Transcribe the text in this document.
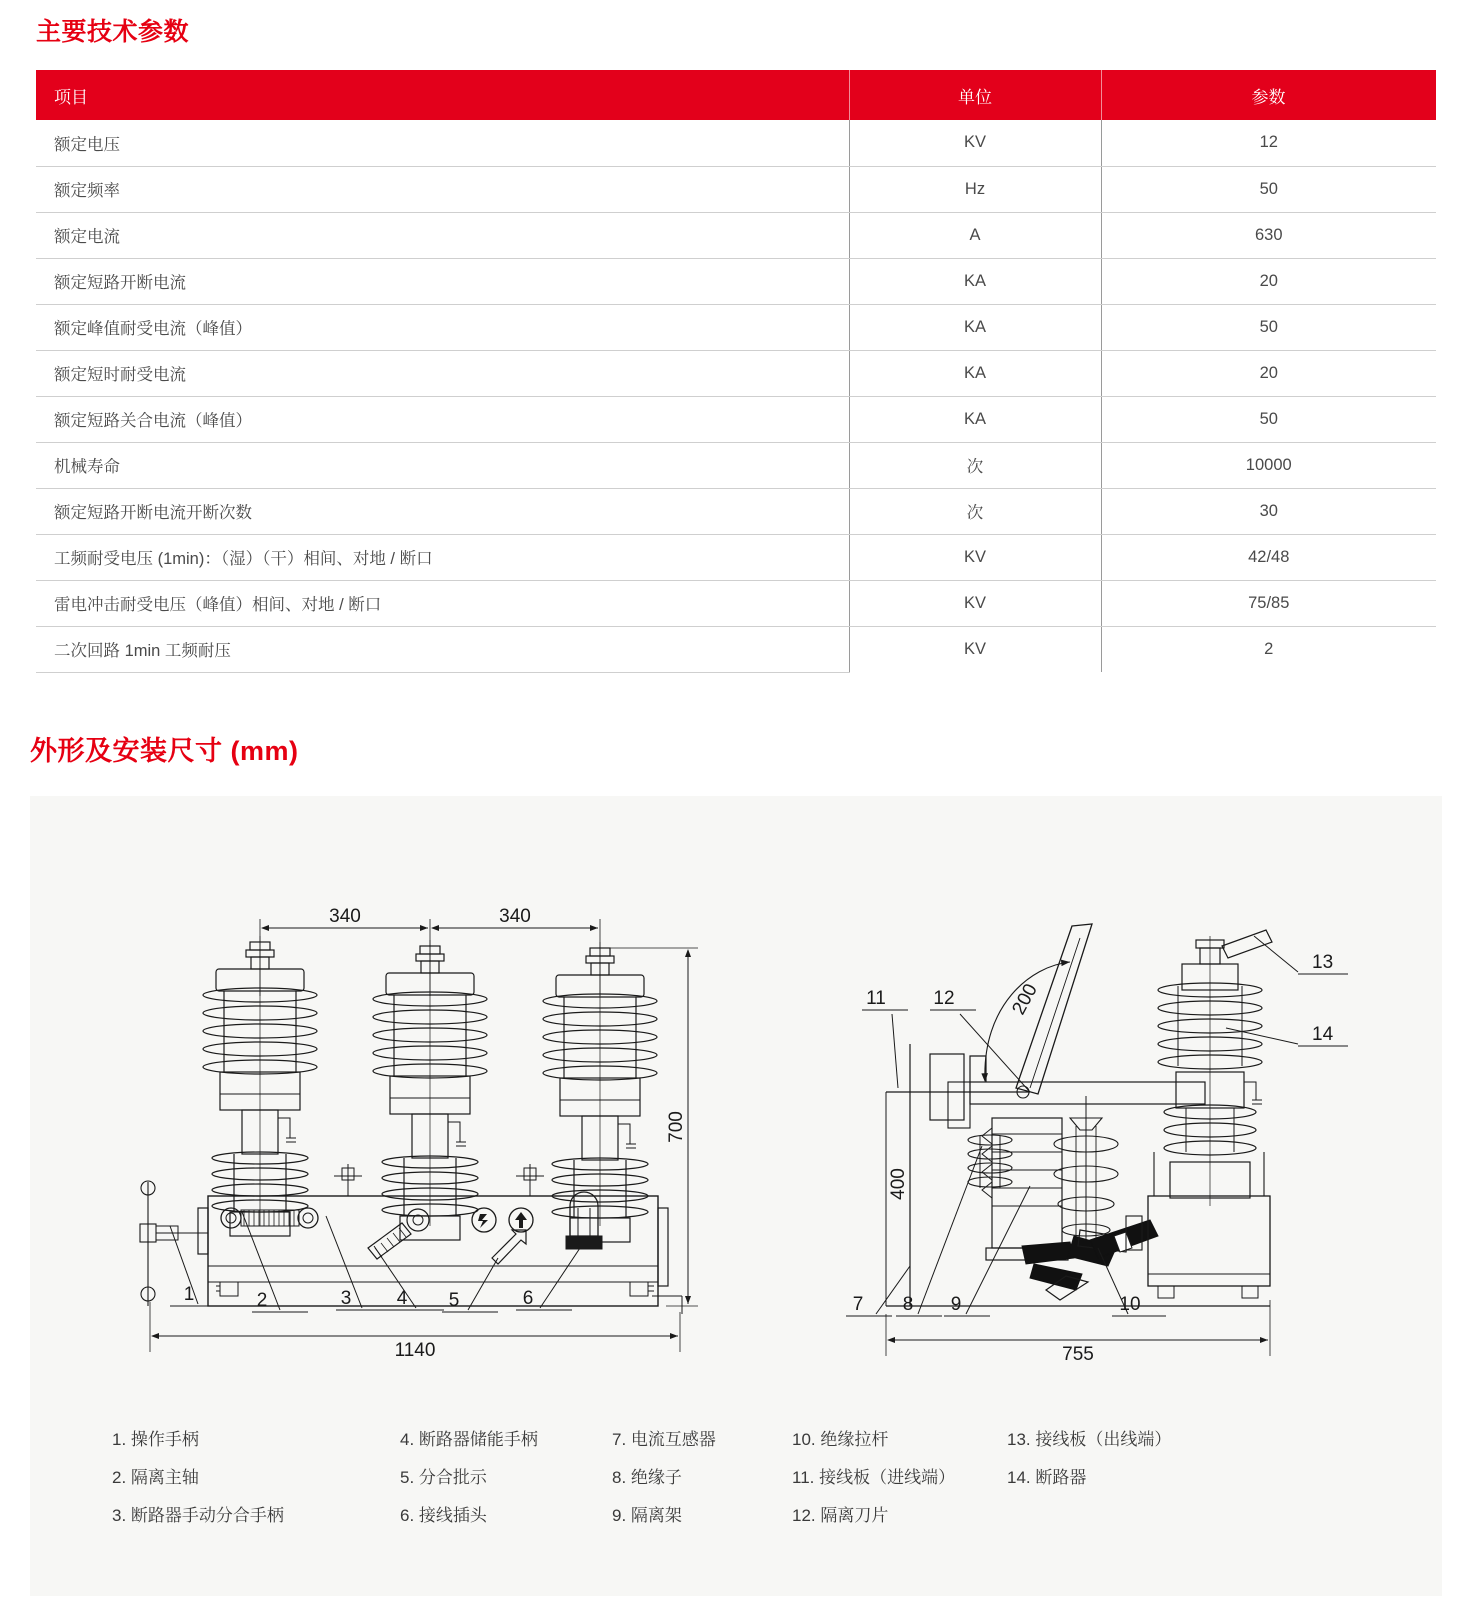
主要技术参数
项目	单位	参数
额定电压	KV	12
额定频率	Hz	50
额定电流	A	630
额定短路开断电流	KA	20
额定峰值耐受电流（峰值）	KA	50
额定短时耐受电流	KA	20
额定短路关合电流（峰值）	KA	50
机械寿命	次	10000
额定短路开断电流开断次数	次	30
工频耐受电压 (1min)：（湿）（干）相间、对地 / 断口	KV	42/48
雷电冲击耐受电压（峰值）相间、对地 / 断口	KV	75/85
二次回路 1min 工频耐压	KV	2
外形及安装尺寸 (mm)
340	340
700
1	2	3 4 5	6
1140
200
400
7 8 9	10
11	12
13
14
755
1. 操作手柄	4. 断路器储能手柄	7. 电流互感器	10. 绝缘拉杆	13. 接线板（出线端）
2. 隔离主轴	5. 分合批示	8. 绝缘子	11. 接线板（进线端）	14. 断路器
3. 断路器手动分合手柄	6. 接线插头	9. 隔离架	12. 隔离刀片
